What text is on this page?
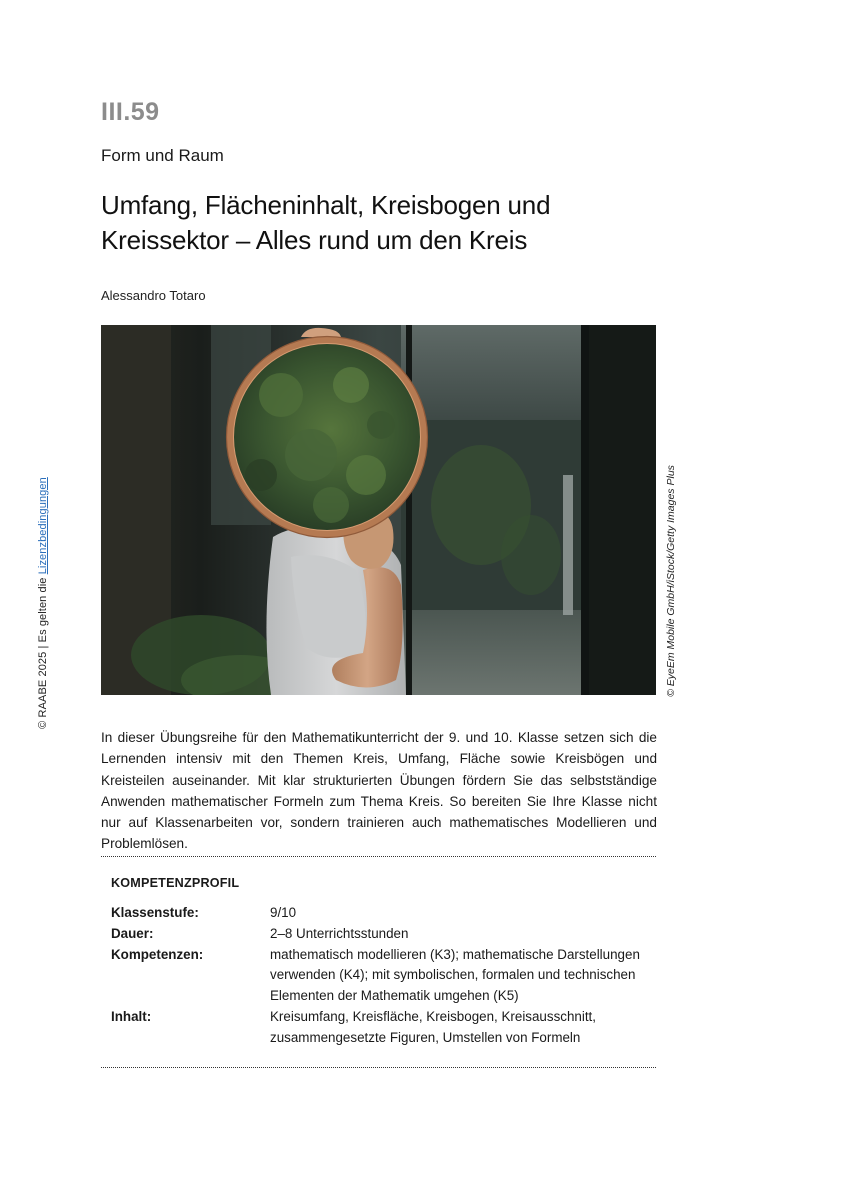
© RAABE 2025 | Es gelten die Lizenzbedingungen
III.59
Form und Raum
Umfang, Flächeninhalt, Kreisbogen und
Kreissektor – Alles rund um den Kreis
Alessandro Totaro
© EyeEm Mobile GmbH/iStock/Getty Images Plus

In dieser Übungsreihe für den Mathematikunterricht der 9. und 10. Klasse setzen sich die Lernenden intensiv mit den Themen Kreis, Umfang, Fläche sowie Kreisbögen und Kreisteilen auseinander. Mit klar strukturierten Übungen fördern Sie das selbstständige Anwenden mathematischer Formeln zum Thema Kreis. So bereiten Sie Ihre Klasse nicht nur auf Klassenarbeiten vor, sondern trainieren auch mathematisches Modellieren und Problemlösen.

KOMPETENZPROFIL
Klassenstufe:	9/10
Dauer:	2–8 Unterrichtsstunden
Kompetenzen:	mathematisch modellieren (K3); mathematische Darstellungen verwenden (K4); mit symbolischen, formalen und technischen Elementen der Mathematik umgehen (K5)
Inhalt:	Kreisumfang, Kreisfläche, Kreisbogen, Kreisausschnitt, zusammengesetzte Figuren, Umstellen von Formeln
